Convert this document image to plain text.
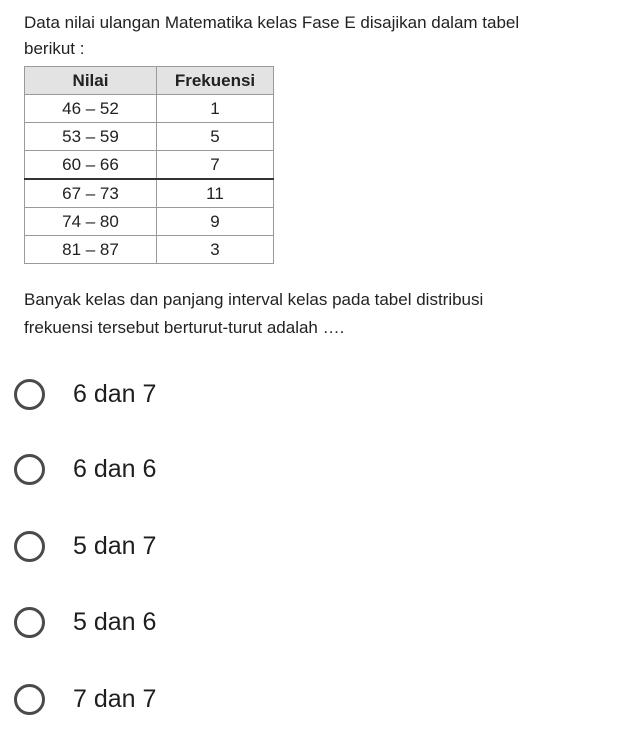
Data nilai ulangan Matematika kelas Fase E disajikan dalam tabel
berikut :

Nilai	Frekuensi
46 – 52	1
53 – 59	5
60 – 66	7
67 – 73	11
74 – 80	9
81 – 87	3

Banyak kelas dan panjang interval kelas pada tabel distribusi
frekuensi tersebut berturut-turut adalah ….

6 dan 7
6 dan 6
5 dan 7
5 dan 6
7 dan 7
